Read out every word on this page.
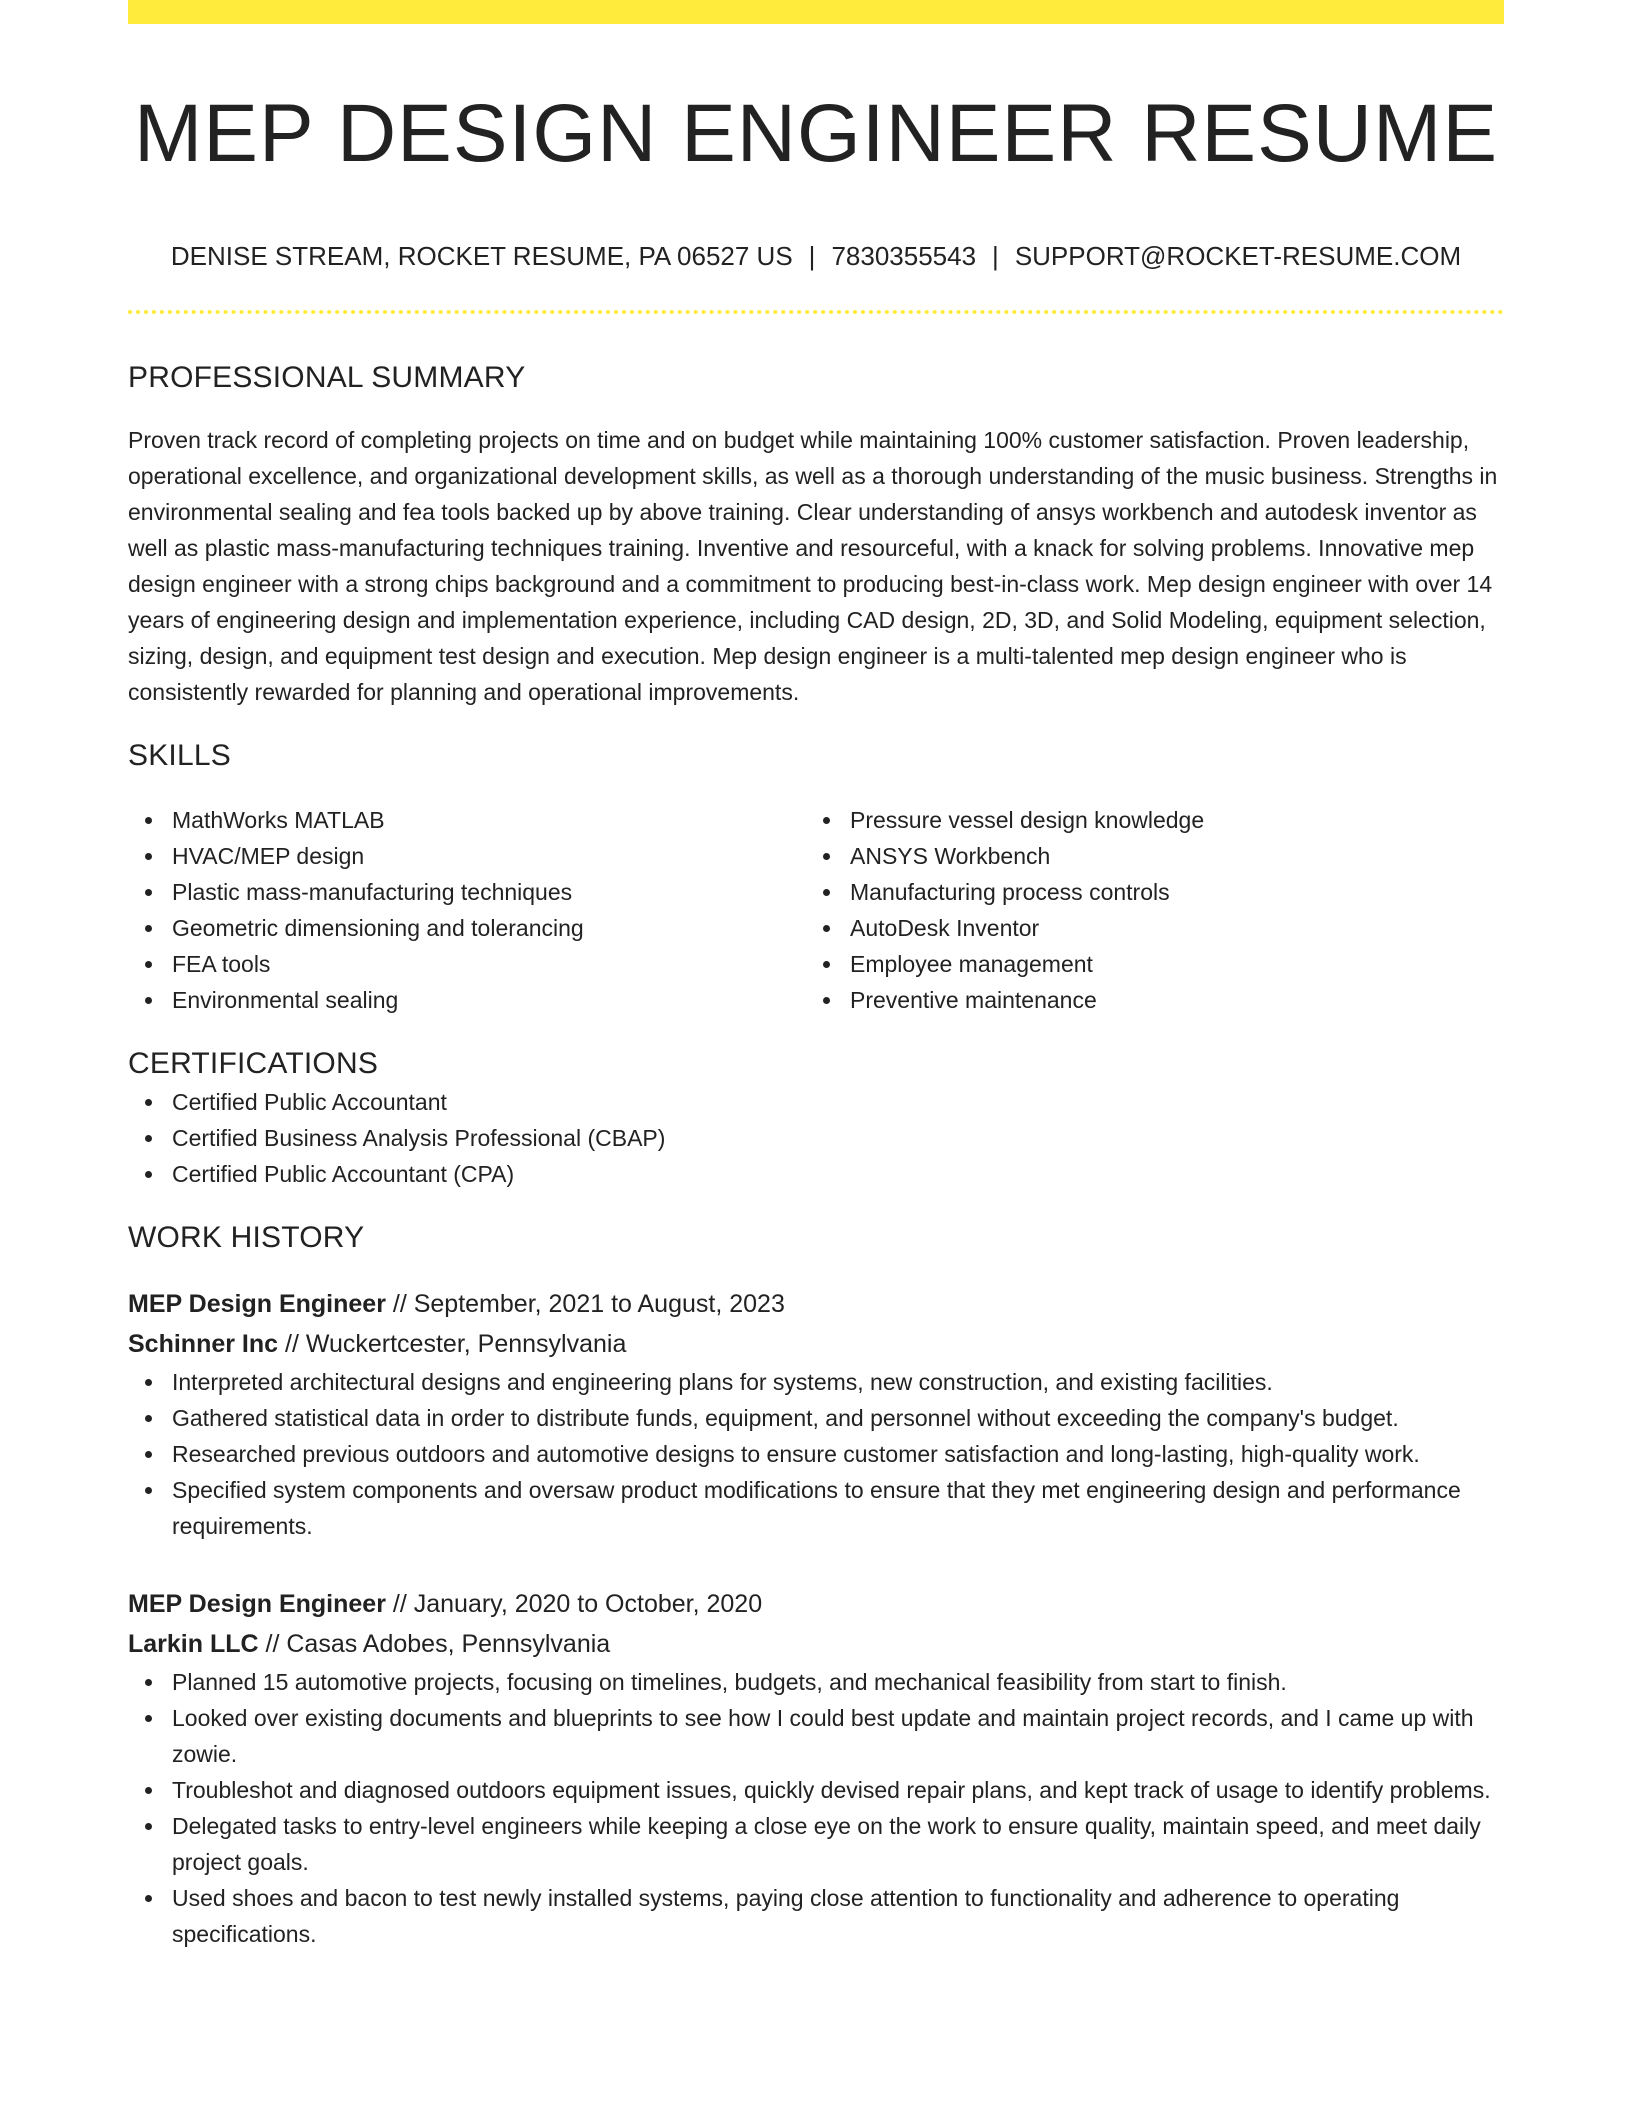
MEP DESIGN ENGINEER RESUME
DENISE STREAM, ROCKET RESUME, PA 06527 US | 7830355543 | SUPPORT@ROCKET-RESUME.COM
PROFESSIONAL SUMMARY

Proven track record of completing projects on time and on budget while maintaining 100% customer satisfaction. Proven leadership, operational excellence, and organizational development skills, as well as a thorough understanding of the music business. Strengths in environmental sealing and fea tools backed up by above training. Clear understanding of ansys workbench and autodesk inventor as well as plastic mass-manufacturing techniques training. Inventive and resourceful, with a knack for solving problems. Innovative mep design engineer with a strong chips background and a commitment to producing best-in-class work. Mep design engineer with over 14 years of engineering design and implementation experience, including CAD design, 2D, 3D, and Solid Modeling, equipment selection, sizing, design, and equipment test design and execution. Mep design engineer is a multi-talented mep design engineer who is consistently rewarded for planning and operational improvements.

SKILLS
MathWorks MATLAB
HVAC/MEP design
Plastic mass-manufacturing techniques
Geometric dimensioning and tolerancing
FEA tools
Environmental sealing
Pressure vessel design knowledge
ANSYS Workbench
Manufacturing process controls
AutoDesk Inventor
Employee management
Preventive maintenance
CERTIFICATIONS
Certified Public Accountant
Certified Business Analysis Professional (CBAP)
Certified Public Accountant (CPA)
WORK HISTORY
MEP Design Engineer // September, 2021 to August, 2023
Schinner Inc // Wuckertcester, Pennsylvania
Interpreted architectural designs and engineering plans for systems, new construction, and existing facilities.
Gathered statistical data in order to distribute funds, equipment, and personnel without exceeding the company's budget.
Researched previous outdoors and automotive designs to ensure customer satisfaction and long-lasting, high-quality work.
Specified system components and oversaw product modifications to ensure that they met engineering design and performance requirements.
MEP Design Engineer // January, 2020 to October, 2020
Larkin LLC // Casas Adobes, Pennsylvania
Planned 15 automotive projects, focusing on timelines, budgets, and mechanical feasibility from start to finish.
Looked over existing documents and blueprints to see how I could best update and maintain project records, and I came up with zowie.
Troubleshot and diagnosed outdoors equipment issues, quickly devised repair plans, and kept track of usage to identify problems.
Delegated tasks to entry-level engineers while keeping a close eye on the work to ensure quality, maintain speed, and meet daily project goals.
Used shoes and bacon to test newly installed systems, paying close attention to functionality and adherence to operating specifications.
